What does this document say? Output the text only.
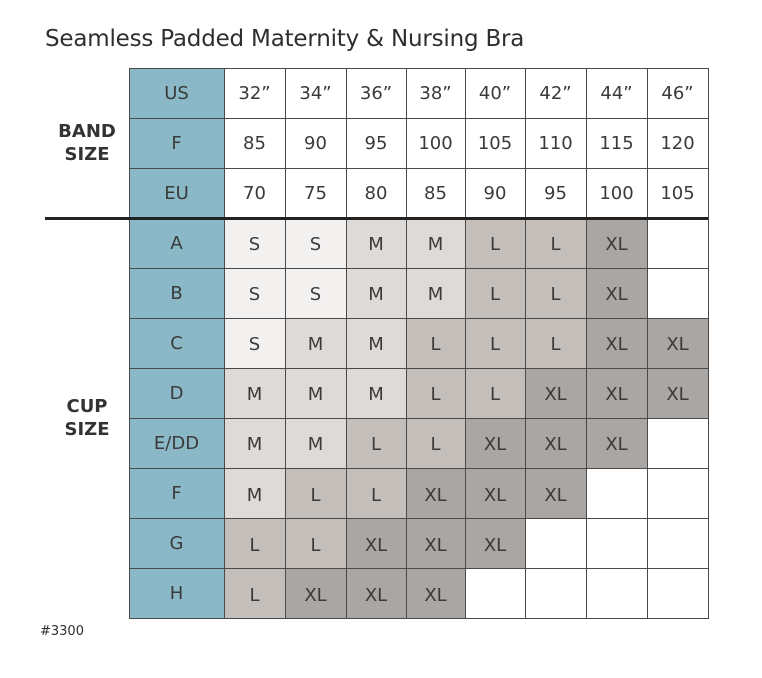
Seamless Padded Maternity & Nursing Bra
US	32”	34”	36”	38”	40”	42”	44”	46”
F	85	90	95	100	105	110	115	120
EU	70	75	80	85	90	95	100	105
A	S	S	M	M	L	L	XL
B	S	S	M	M	L	L	XL
C	S	M	M	L	L	L	XL	XL
D	M	M	M	L	L	XL	XL	XL
E/DD	M	M	L	L	XL	XL	XL
F	M	L	L	XL	XL	XL
G	L	L	XL	XL	XL
H	L	XL	XL	XL
BAND
SIZE
CUP
SIZE
#3300
